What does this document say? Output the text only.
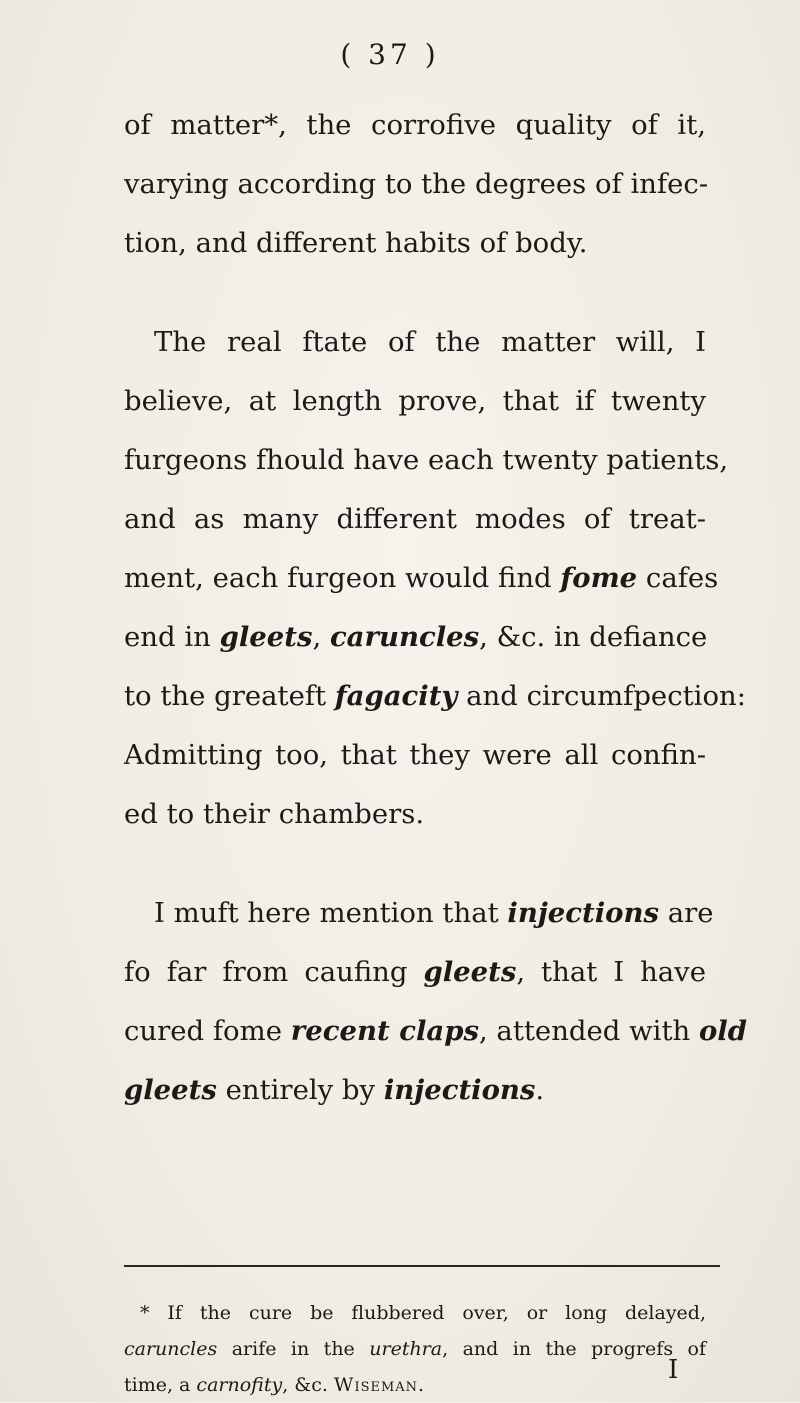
( 37 )
of matter*, the corrofive quality of it,
varying according to the degrees of infec-
tion, and different habits of body.
The real ftate of the matter will, I
believe, at length prove, that if twenty
furgeons fhould have each twenty patients,
and as many different modes of treat-
ment, each furgeon would find fome cafes
end in gleets, caruncles, &c. in defiance
to the greateft fagacity and circumfpection:
Admitting too, that they were all confin-
ed to their chambers.
I muft here mention that injections are
fo far from caufing gleets, that I have
cured fome recent claps, attended with old
gleets entirely by injections.
* If the cure be flubbered over, or long delayed,
caruncles arife in the urethra, and in the progrefs of
time, a carnofity, &c. Wiseman.	I
